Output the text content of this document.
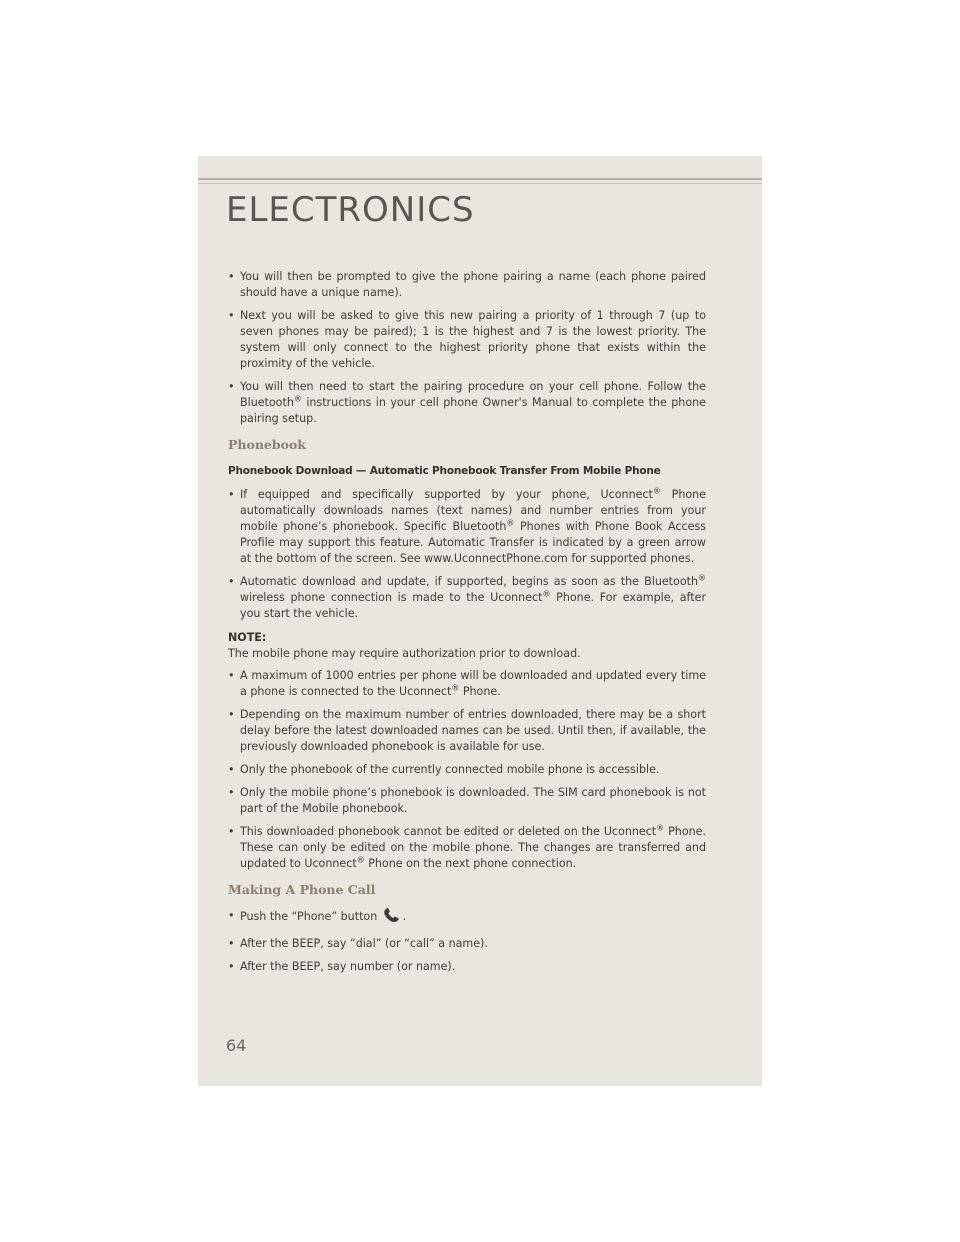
ELECTRONICS
• You will then be prompted to give the phone pairing a name (each phone paired should have a unique name).
• Next you will be asked to give this new pairing a priority of 1 through 7 (up to seven phones may be paired); 1 is the highest and 7 is the lowest priority. The system will only connect to the highest priority phone that exists within the proximity of the vehicle.
• You will then need to start the pairing procedure on your cell phone. Follow the Bluetooth® instructions in your cell phone Owner's Manual to complete the phone pairing setup.
Phonebook
Phonebook Download — Automatic Phonebook Transfer From Mobile Phone
• If equipped and specifically supported by your phone, Uconnect® Phone automatically downloads names (text names) and number entries from your mobile phone’s phonebook. Specific Bluetooth® Phones with Phone Book Access Profile may support this feature. Automatic Transfer is indicated by a green arrow at the bottom of the screen. See www.UconnectPhone.com for supported phones.
• Automatic download and update, if supported, begins as soon as the Bluetooth® wireless phone connection is made to the Uconnect® Phone. For example, after you start the vehicle.
NOTE:
The mobile phone may require authorization prior to download.
• A maximum of 1000 entries per phone will be downloaded and updated every time a phone is connected to the Uconnect® Phone.
• Depending on the maximum number of entries downloaded, there may be a short delay before the latest downloaded names can be used. Until then, if available, the previously downloaded phonebook is available for use.
• Only the phonebook of the currently connected mobile phone is accessible.
• Only the mobile phone’s phonebook is downloaded. The SIM card phonebook is not part of the Mobile phonebook.
• This downloaded phonebook cannot be edited or deleted on the Uconnect® Phone. These can only be edited on the mobile phone. The changes are transferred and updated to Uconnect® Phone on the next phone connection.
Making A Phone Call
• Push the “Phone” button .
• After the BEEP, say “dial” (or “call” a name).
• After the BEEP, say number (or name).
64
